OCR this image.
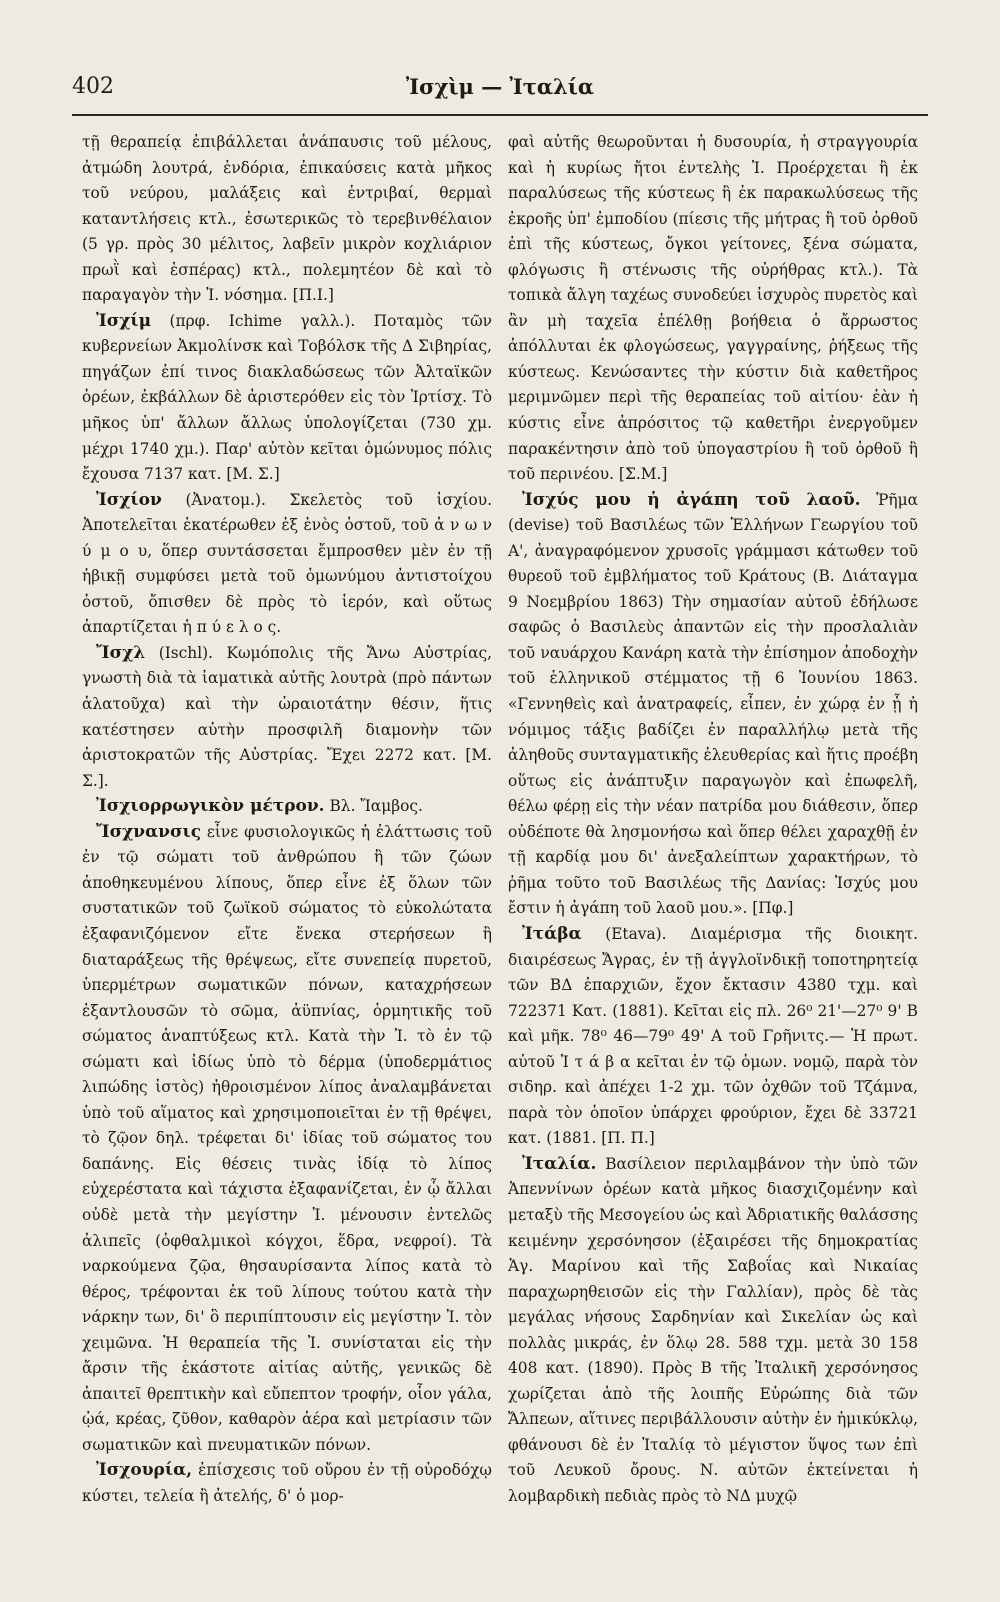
402	Ἰσχὶμ — Ἰταλία

τῇ θεραπείᾳ ἐπιβάλλεται ἀνάπαυσις τοῦ μέλους, ἀτμώδη λουτρά, ἐνδόρια, ἐπικαύσεις κατὰ μῆκος τοῦ νεύρου, μαλάξεις καὶ ἐντριβαί, θερμαὶ καταντλήσεις κτλ., ἐσωτερικῶς τὸ τερεβινθέλαιον (5 γρ. πρὸς 30 μέλιτος, λαβεῖν μικρὸν κοχλιάριον πρωῒ καὶ ἑσπέρας) κτλ., πολεμητέον δὲ καὶ τὸ παραγαγὸν τὴν Ἰ. νόσημα. [Π.Ι.]

Ἰσχίμ (πρφ. Ichime γαλλ.). Ποταμὸς τῶν κυβερνείων Ἀκμολίνσκ καὶ Τοβόλσκ τῆς Δ Σιβηρίας, πηγάζων ἐπί τινος διακλαδώσεως τῶν Ἀλταϊκῶν ὀρέων, ἐκβάλλων δὲ ἀριστερόθεν εἰς τὸν Ἰρτίσχ. Τὸ μῆκος ὑπ' ἄλλων ἄλλως ὑπολογίζεται (730 χμ. μέχρι 1740 χμ.). Παρ' αὐτὸν κεῖται ὁμώνυμος πόλις ἔχουσα 7137 κατ. [Μ. Σ.]

Ἰσχίον (Ἀνατομ.). Σκελετὸς τοῦ ἰσχίου. Ἀποτελεῖται ἑκατέρωθεν ἐξ ἑνὸς ὀστοῦ, τοῦ ἀ ν ω ν ύ μ ο υ, ὅπερ συντάσσεται ἔμπροσθεν μὲν ἐν τῇ ἡβικῇ συμφύσει μετὰ τοῦ ὁμωνύμου ἀντιστοίχου ὀστοῦ, ὄπισθεν δὲ πρὸς τὸ ἱερόν, καὶ οὕτως ἀπαρτίζεται ἡ π ύ ε λ ο ς.

Ἴσχλ (Ischl). Κωμόπολις τῆς Ἄνω Αὐστρίας, γνωστὴ διὰ τὰ ἰαματικὰ αὐτῆς λουτρὰ (πρὸ πάντων ἁλατοῦχα) καὶ τὴν ὡραιοτάτην θέσιν, ἥτις κατέστησεν αὐτὴν προσφιλῆ διαμονὴν τῶν ἀριστοκρατῶν τῆς Αὐστρίας. Ἔχει 2272 κατ. [Μ. Σ.].

Ἰσχιορρωγικὸν μέτρον. Βλ. Ἴαμβος.

Ἴσχνανσις εἶνε φυσιολογικῶς ἡ ἐλάττωσις τοῦ ἐν τῷ σώματι τοῦ ἀνθρώπου ἢ τῶν ζώων ἀποθηκευμένου λίπους, ὅπερ εἶνε ἐξ ὅλων τῶν συστατικῶν τοῦ ζωϊκοῦ σώματος τὸ εὐκολώτατα ἐξαφανιζόμενον εἴτε ἕνεκα στερήσεων ἢ διαταράξεως τῆς θρέψεως, εἴτε συνεπείᾳ πυρετοῦ, ὑπερμέτρων σωματικῶν πόνων, καταχρήσεων ἐξαντλουσῶν τὸ σῶμα, ἀϋπνίας, ὁρμητικῆς τοῦ σώματος ἀναπτύξεως κτλ. Κατὰ τὴν Ἰ. τὸ ἐν τῷ σώματι καὶ ἰδίως ὑπὸ τὸ δέρμα (ὑποδερμάτιος λιπώδης ἱστὸς) ἠθροισμένον λίπος ἀναλαμβάνεται ὑπὸ τοῦ αἵματος καὶ χρησιμοποιεῖται ἐν τῇ θρέψει, τὸ ζῷον δηλ. τρέφεται δι' ἰδίας τοῦ σώματος του δαπάνης. Εἰς θέσεις τινὰς ἰδίᾳ τὸ λίπος εὐχερέστατα καὶ τάχιστα ἐξαφανίζεται, ἐν ᾧ ἄλλαι οὐδὲ μετὰ τὴν μεγίστην Ἰ. μένουσιν ἐντελῶς ἀλιπεῖς (ὀφθαλμικοὶ κόγχοι, ἕδρα, νεφροί). Τὰ ναρκούμενα ζῷα, θησαυρίσαντα λίπος κατὰ τὸ θέρος, τρέφονται ἐκ τοῦ λίπους τούτου κατὰ τὴν νάρκην των, δι' ὃ περιπίπτουσιν εἰς μεγίστην Ἰ. τὸν χειμῶνα. Ἡ θεραπεία τῆς Ἰ. συνίσταται εἰς τὴν ἄρσιν τῆς ἑκάστοτε αἰτίας αὐτῆς, γενικῶς δὲ ἀπαιτεῖ θρεπτικὴν καὶ εὔπεπτον τροφήν, οἷον γάλα, ᾠά, κρέας, ζῦθον, καθαρὸν ἀέρα καὶ μετρίασιν τῶν σωματικῶν καὶ πνευματικῶν πόνων.

Ἰσχουρία, ἐπίσχεσις τοῦ οὔρου ἐν τῇ οὐροδόχῳ κύστει, τελεία ἢ ἀτελής, δ' ὁ μορ-

φαὶ αὐτῆς θεωροῦνται ἡ δυσουρία, ἡ στραγγουρία καὶ ἡ κυρίως ἤτοι ἐντελὴς Ἰ. Προέρχεται ἢ ἐκ παραλύσεως τῆς κύστεως ἢ ἐκ παρακωλύσεως τῆς ἐκροῆς ὑπ' ἐμποδίου (πίεσις τῆς μήτρας ἢ τοῦ ὀρθοῦ ἐπὶ τῆς κύστεως, ὄγκοι γείτονες, ξένα σώματα, φλόγωσις ἢ στένωσις τῆς οὐρήθρας κτλ.). Τὰ τοπικὰ ἄλγη ταχέως συνοδεύει ἰσχυρὸς πυρετὸς καὶ ἂν μὴ ταχεῖα ἐπέλθῃ βοήθεια ὁ ἄρρωστος ἀπόλλυται ἐκ φλογώσεως, γαγγραίνης, ῥήξεως τῆς κύστεως. Κενώσαντες τὴν κύστιν διὰ καθετῆρος μεριμνῶμεν περὶ τῆς θεραπείας τοῦ αἰτίου· ἐὰν ἡ κύστις εἶνε ἀπρόσιτος τῷ καθετῆρι ἐνεργοῦμεν παρακέντησιν ἀπὸ τοῦ ὑπογαστρίου ἢ τοῦ ὀρθοῦ ἢ τοῦ περινέου. [Σ.Μ.]

Ἰσχύς μου ἡ ἀγάπη τοῦ λαοῦ. Ῥῆμα (devise) τοῦ Βασιλέως τῶν Ἑλλήνων Γεωργίου τοῦ Α', ἀναγραφόμενον χρυσοῖς γράμμασι κάτωθεν τοῦ θυρεοῦ τοῦ ἐμβλήματος τοῦ Κράτους (Β. Διάταγμα 9 Νοεμβρίου 1863) Τὴν σημασίαν αὐτοῦ ἐδήλωσε σαφῶς ὁ Βασιλεὺς ἀπαντῶν εἰς τὴν προσλαλιὰν τοῦ ναυάρχου Κανάρη κατὰ τὴν ἐπίσημον ἀποδοχὴν τοῦ ἑλληνικοῦ στέμματος τῇ 6 Ἰουνίου 1863. «Γεννηθεὶς καὶ ἀνατραφείς, εἶπεν, ἐν χώρᾳ ἐν ᾗ ἡ νόμιμος τάξις βαδίζει ἐν παραλλήλῳ μετὰ τῆς ἀληθοῦς συνταγματικῆς ἐλευθερίας καὶ ἥτις προέβη οὕτως εἰς ἀνάπτυξιν παραγωγὸν καὶ ἐπωφελῆ, θέλω φέρῃ εἰς τὴν νέαν πατρίδα μου διάθεσιν, ὅπερ οὐδέποτε θὰ λησμονήσω καὶ ὅπερ θέλει χαραχθῇ ἐν τῇ καρδίᾳ μου δι' ἀνεξαλείπτων χαρακτήρων, τὸ ῥῆμα τοῦτο τοῦ Βασιλέως τῆς Δανίας: Ἰσχύς μου ἔστιν ἡ ἀγάπη τοῦ λαοῦ μου.». [Πφ.]

Ἰτάβα (Etava). Διαμέρισμα τῆς διοικητ. διαιρέσεως Ἄγρας, ἐν τῇ ἀγγλοϊνδικῇ τοποτηρητείᾳ τῶν ΒΔ ἐπαρχιῶν, ἔχον ἔκτασιν 4380 τχμ. καὶ 722371 Κατ. (1881). Κεῖται εἰς πλ. 26⁰ 21'—27⁰ 9' Β καὶ μῆκ. 78⁰ 46—79⁰ 49' Α τοῦ Γρῆνιτς.— Ἡ πρωτ. αὐτοῦ Ἰ τ ά β α κεῖται ἐν τῷ ὁμων. νομῷ, παρὰ τὸν σιδηρ. καὶ ἀπέχει 1-2 χμ. τῶν ὀχθῶν τοῦ Τζάμνα, παρὰ τὸν ὁποῖον ὑπάρχει φρούριον, ἔχει δὲ 33721 κατ. (1881. [Π. Π.]

Ἰταλία. Βασίλειον περιλαμβάνον τὴν ὑπὸ τῶν Ἀπεννίνων ὀρέων κατὰ μῆκος διασχιζομένην καὶ μεταξὺ τῆς Μεσογείου ὡς καὶ Ἀδριατικῆς θαλάσσης κειμένην χερσόνησον (ἐξαιρέσει τῆς δημοκρατίας Ἁγ. Μαρίνου καὶ τῆς Σαβοΐας καὶ Νικαίας παραχωρηθεισῶν εἰς τὴν Γαλλίαν), πρὸς δὲ τὰς μεγάλας νήσους Σαρδηνίαν καὶ Σικελίαν ὡς καὶ πολλὰς μικράς, ἐν ὅλῳ 28. 588 τχμ. μετὰ 30 158 408 κατ. (1890). Πρὸς Β τῆς Ἰταλικῆ χερσόνησος χωρίζεται ἀπὸ τῆς λοιπῆς Εὐρώπης διὰ τῶν Ἄλπεων, αἵτινες περιβάλλουσιν αὐτὴν ἐν ἡμικύκλῳ, φθάνουσι δὲ ἐν Ἰταλίᾳ τὸ μέγιστον ὕψος των ἐπὶ τοῦ Λευκοῦ ὄρους. Ν. αὐτῶν ἐκτείνεται ἡ λομβαρδικὴ πεδιὰς πρὸς τὸ ΝΔ μυχῷ
